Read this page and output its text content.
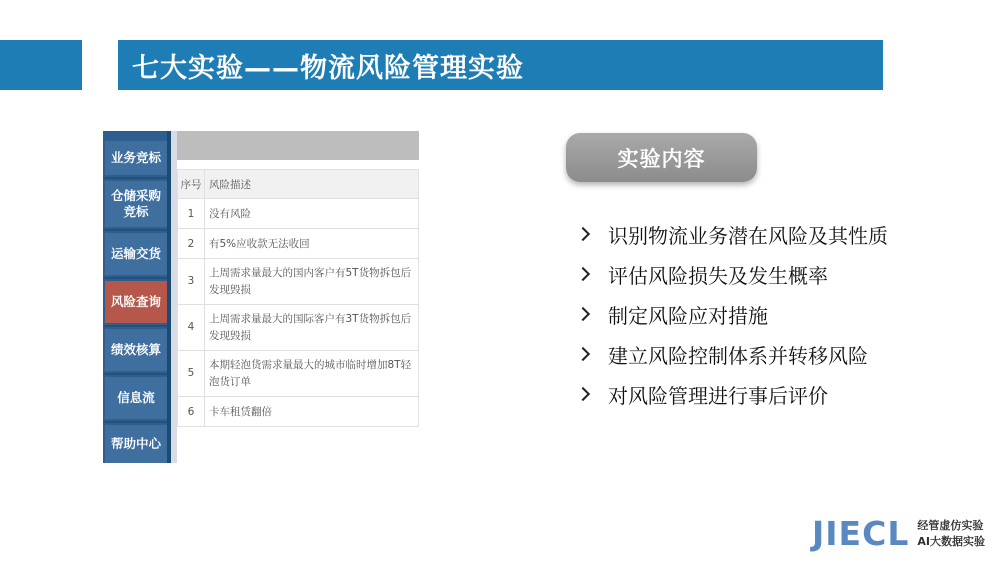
七大实验——物流风险管理实验
业务竞标
仓储采购竞标
运输交货
风险查询
绩效核算
信息流
帮助中心
序号	风险描述
1	没有风险
2	有5%应收款无法收回
3	上周需求量最大的国内客户有5T货物拆包后发现毁损
4	上周需求量最大的国际客户有3T货物拆包后发现毁损
5	本期轻泡货需求量最大的城市临时增加8T轻泡货订单
6	卡车租赁翻倍
实验内容
识别物流业务潜在风险及其性质
评估风险损失及发生概率
制定风险应对措施
建立风险控制体系并转移风险
对风险管理进行事后评价
JIECL 经管虚仿实验
AI大数据实验
